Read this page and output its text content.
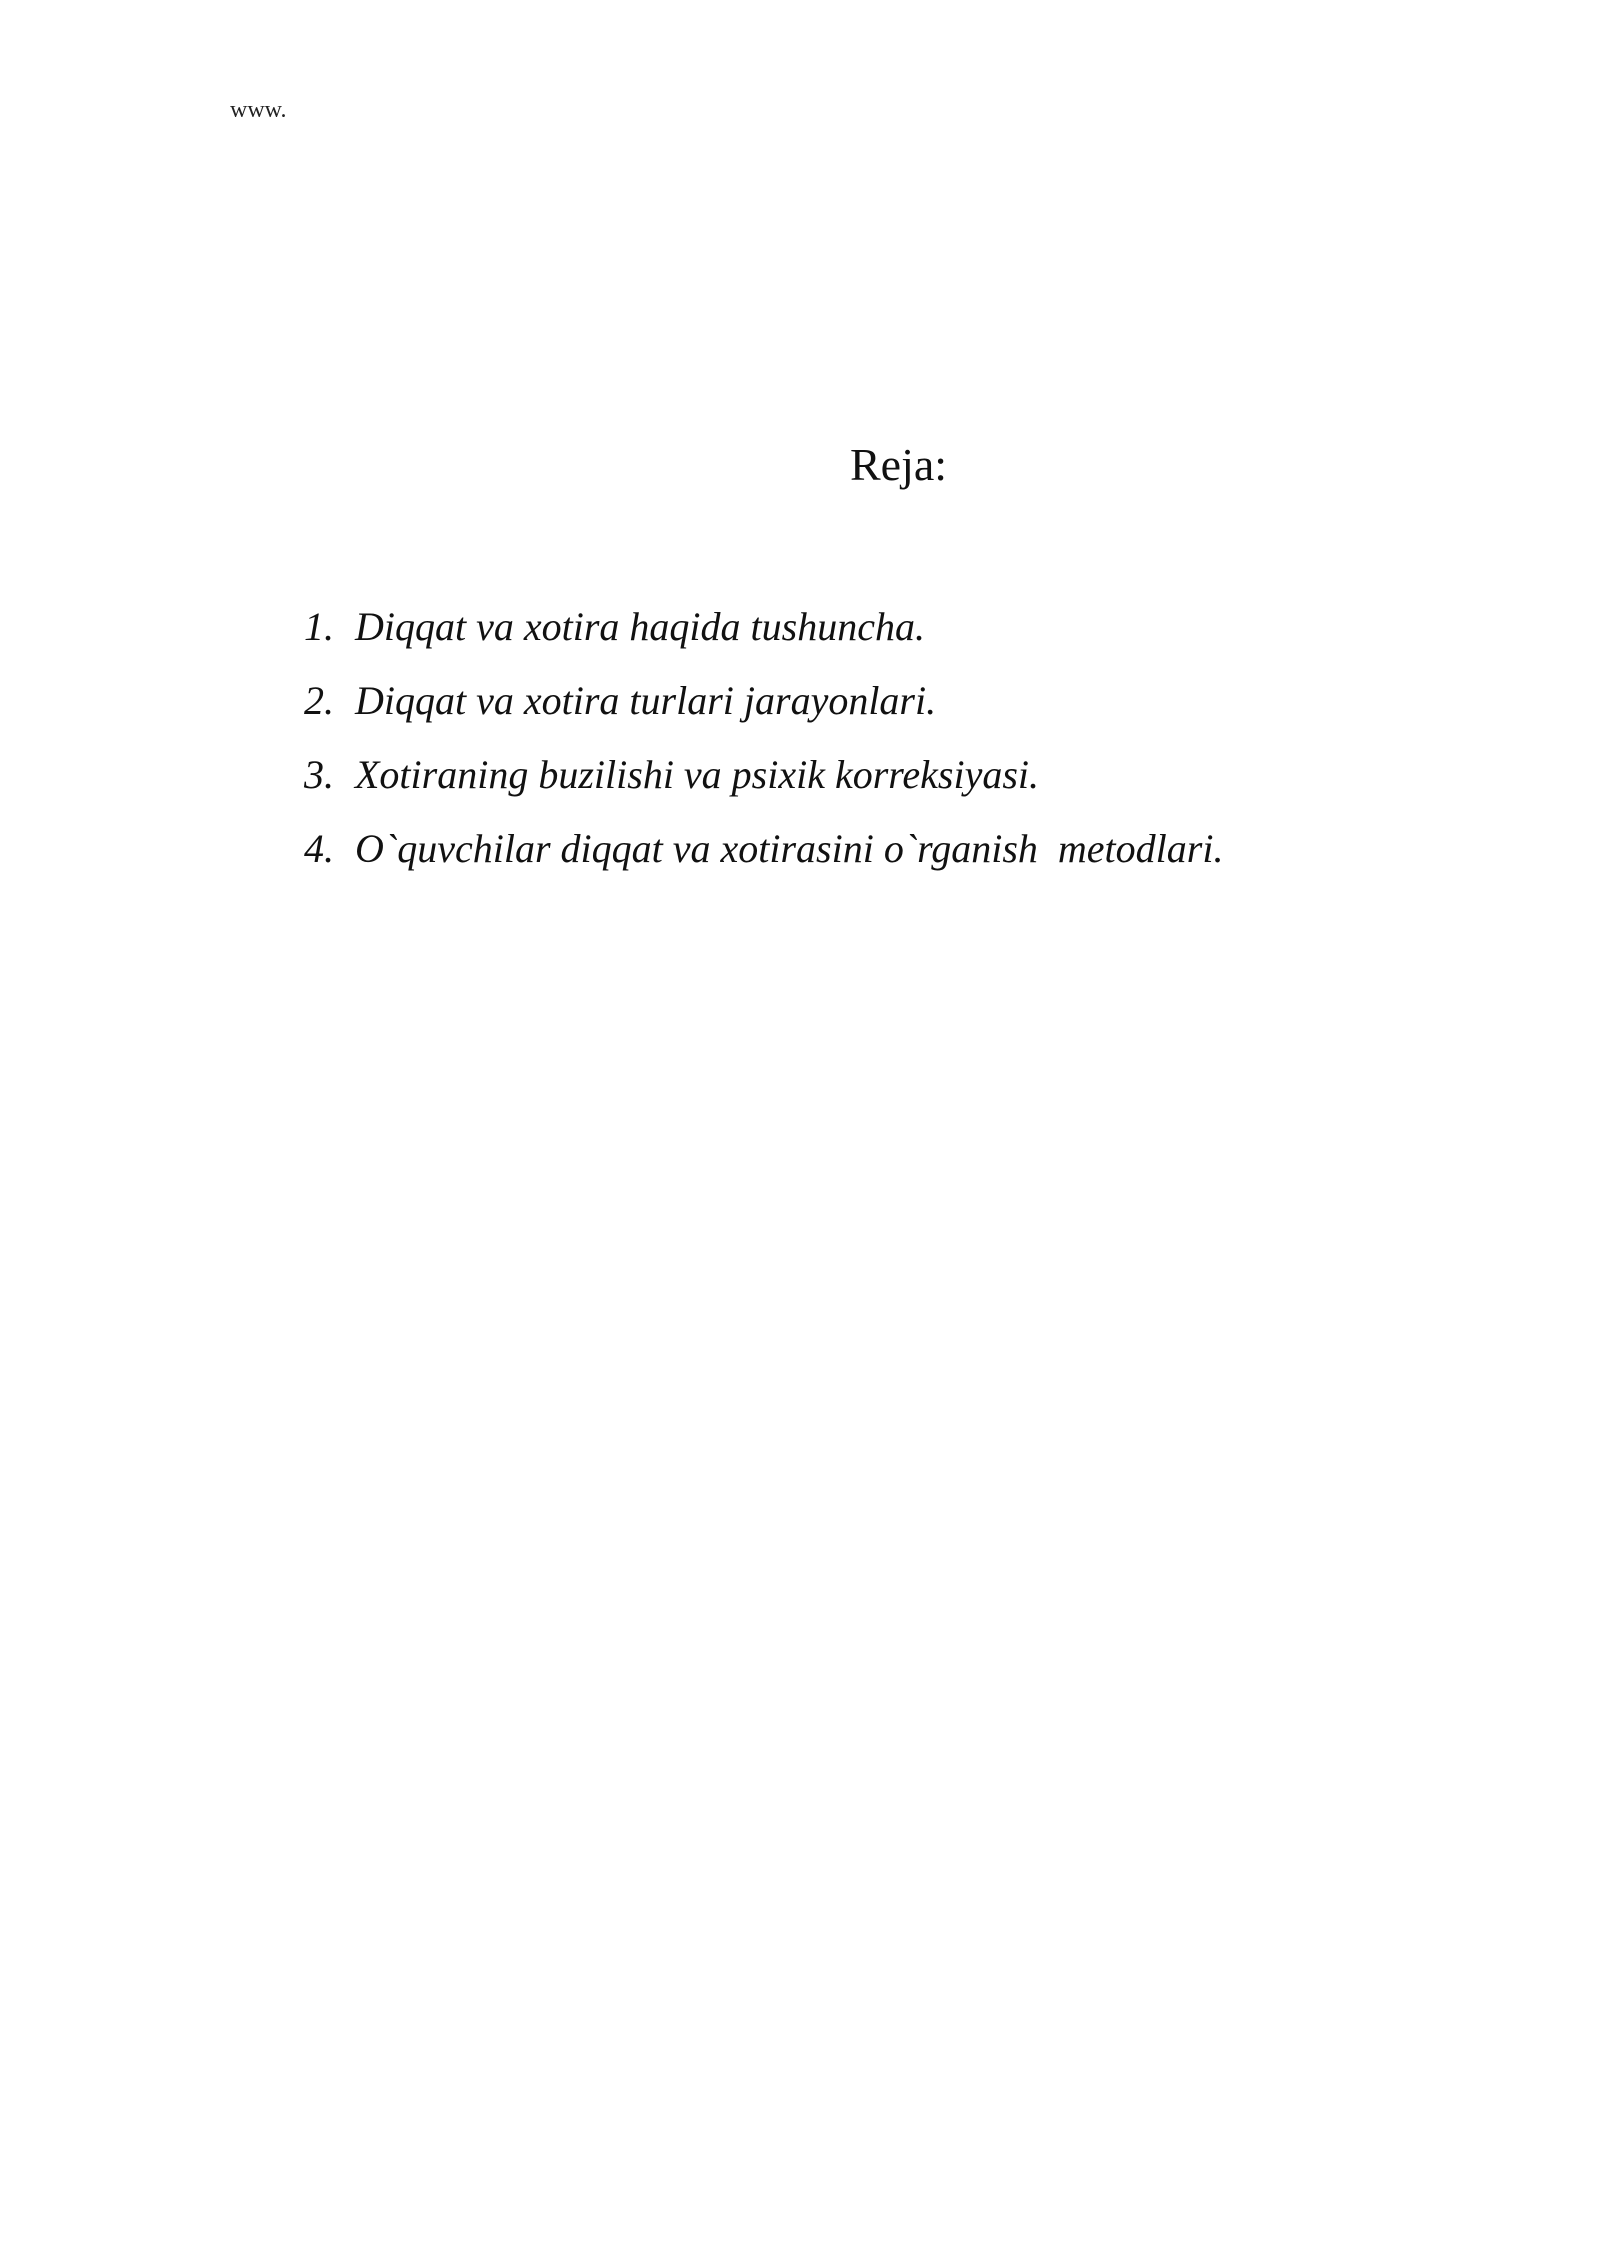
www.
Reja:
1. Diqqat va xotira haqida tushuncha.
2. Diqqat va xotira turlari jarayonlari.
3. Xotiraning buzilishi va psixik korreksiyasi.
4. O`quvchilar diqqat va xotirasini o`rganish  metodlari.
